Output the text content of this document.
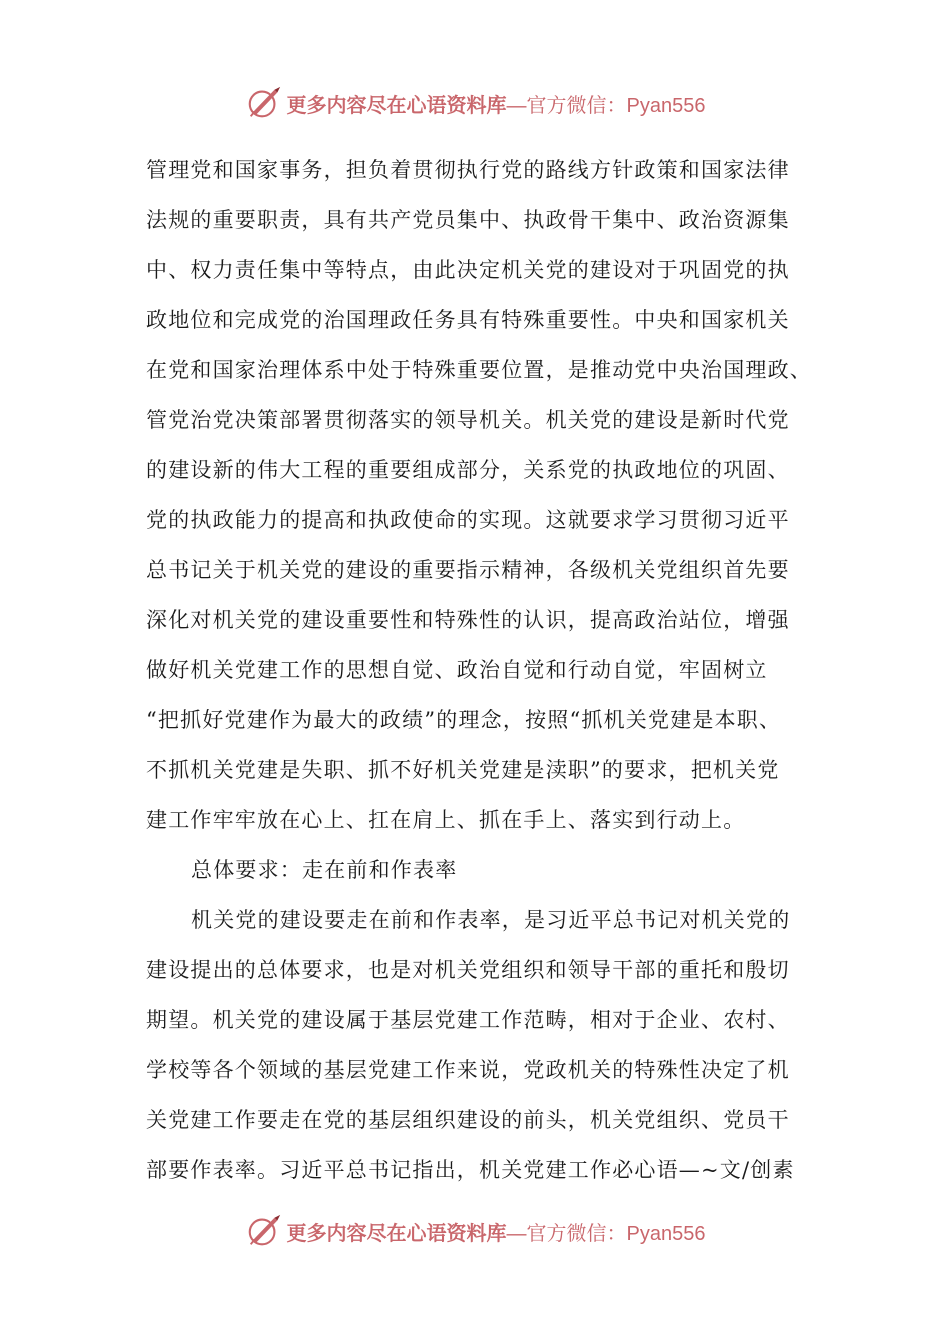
更多内容尽在心语资料库 —官方微信：Pyan556
管理党和国家事务，担负着贯彻执行党的路线方针政策和国家法律
法规的重要职责，具有共产党员集中、执政骨干集中、政治资源集
中、权力责任集中等特点，由此决定机关党的建设对于巩固党的执
政地位和完成党的治国理政任务具有特殊重要性。中央和国家机关
在党和国家治理体系中处于特殊重要位置，是推动党中央治国理政、
管党治党决策部署贯彻落实的领导机关。机关党的建设是新时代党
的建设新的伟大工程的重要组成部分，关系党的执政地位的巩固、
党的执政能力的提高和执政使命的实现。这就要求学习贯彻习近平
总书记关于机关党的建设的重要指示精神，各级机关党组织首先要
深化对机关党的建设重要性和特殊性的认识，提高政治站位，增强
做好机关党建工作的思想自觉、政治自觉和行动自觉，牢固树立
“把抓好党建作为最大的政绩”的理念，按照“抓机关党建是本职、
不抓机关党建是失职、抓不好机关党建是渎职”的要求，把机关党
建工作牢牢放在心上、扛在肩上、抓在手上、落实到行动上。
总体要求：走在前和作表率
机关党的建设要走在前和作表率，是习近平总书记对机关党的
建设提出的总体要求，也是对机关党组织和领导干部的重托和殷切
期望。机关党的建设属于基层党建工作范畴，相对于企业、农村、
学校等各个领域的基层党建工作来说，党政机关的特殊性决定了机
关党建工作要走在党的基层组织建设的前头，机关党组织、党员干
部要作表率。习近平总书记指出，机关党建工作必心语—~文/创素
更多内容尽在心语资料库 —官方微信：Pyan556
